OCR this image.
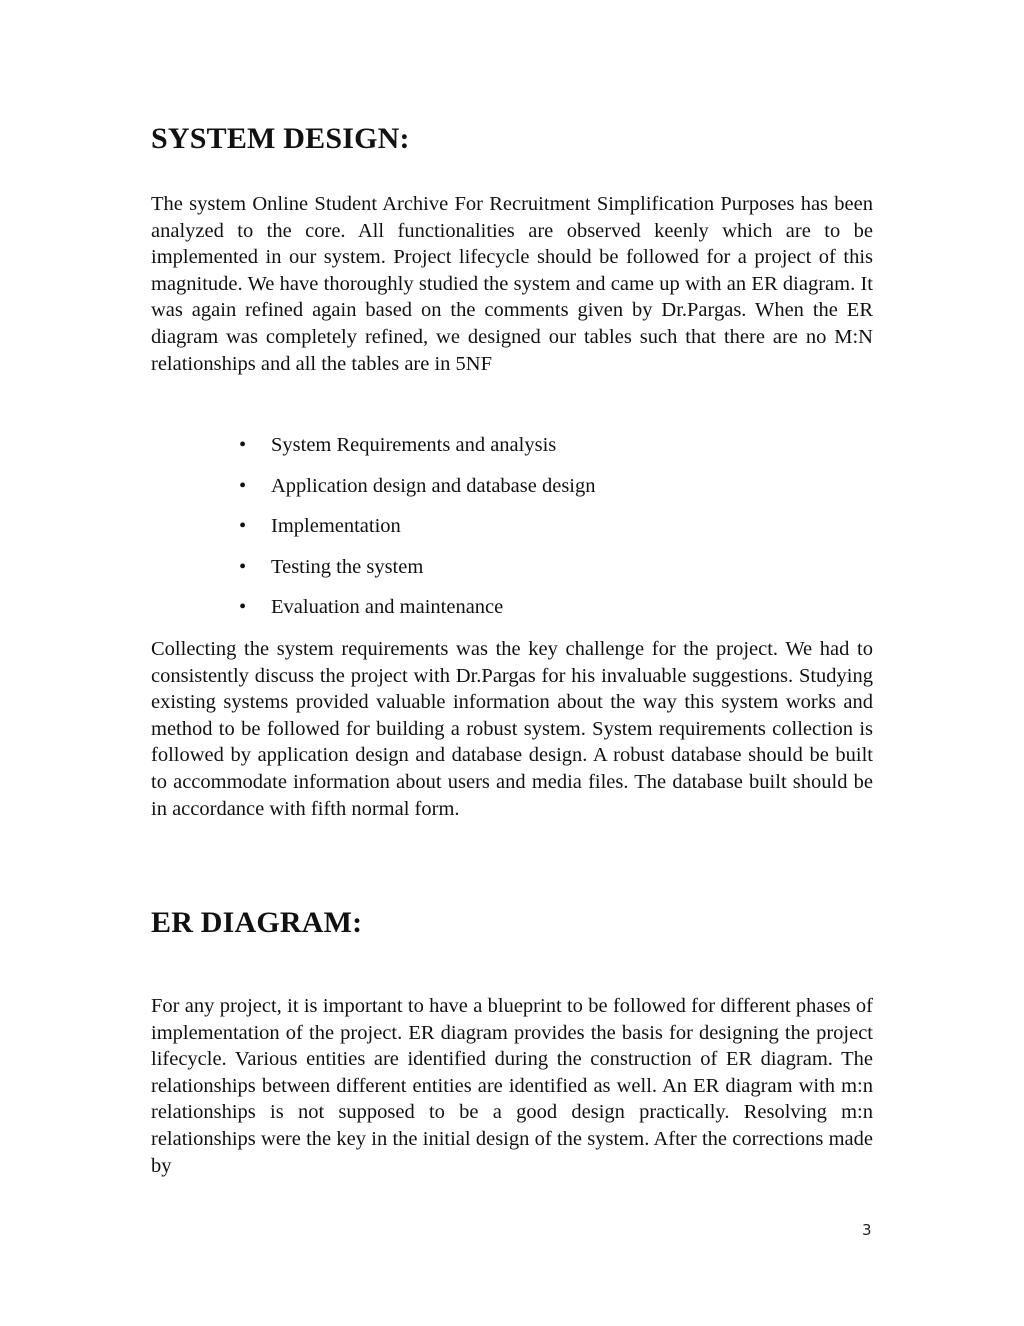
SYSTEM DESIGN:

The system Online Student Archive For Recruitment Simplification Purposes has been analyzed to the core. All functionalities are observed keenly which are to be implemented in our system. Project lifecycle should be followed for a project of this magnitude. We have thoroughly studied the system and came up with an ER diagram. It was again refined again based on the comments given by Dr.Pargas. When the ER diagram was completely refined, we designed our tables such that there are no M:N relationships and all the tables are in 5NF

• System Requirements and analysis
• Application design and database design
• Implementation
• Testing the system
• Evaluation and maintenance

Collecting the system requirements was the key challenge for the project. We had to consistently discuss the project with Dr.Pargas for his invaluable suggestions. Studying existing systems provided valuable information about the way this system works and method to be followed for building a robust system. System requirements collection is followed by application design and database design. A robust database should be built to accommodate information about users and media files. The database built should be in accordance with fifth normal form.

ER DIAGRAM:

For any project, it is important to have a blueprint to be followed for different phases of implementation of the project. ER diagram provides the basis for designing the project lifecycle. Various entities are identified during the construction of ER diagram. The relationships between different entities are identified as well. An ER diagram with m:n relationships is not supposed to be a good design practically. Resolving m:n relationships were the key in the initial design of the system. After the corrections made by

3
